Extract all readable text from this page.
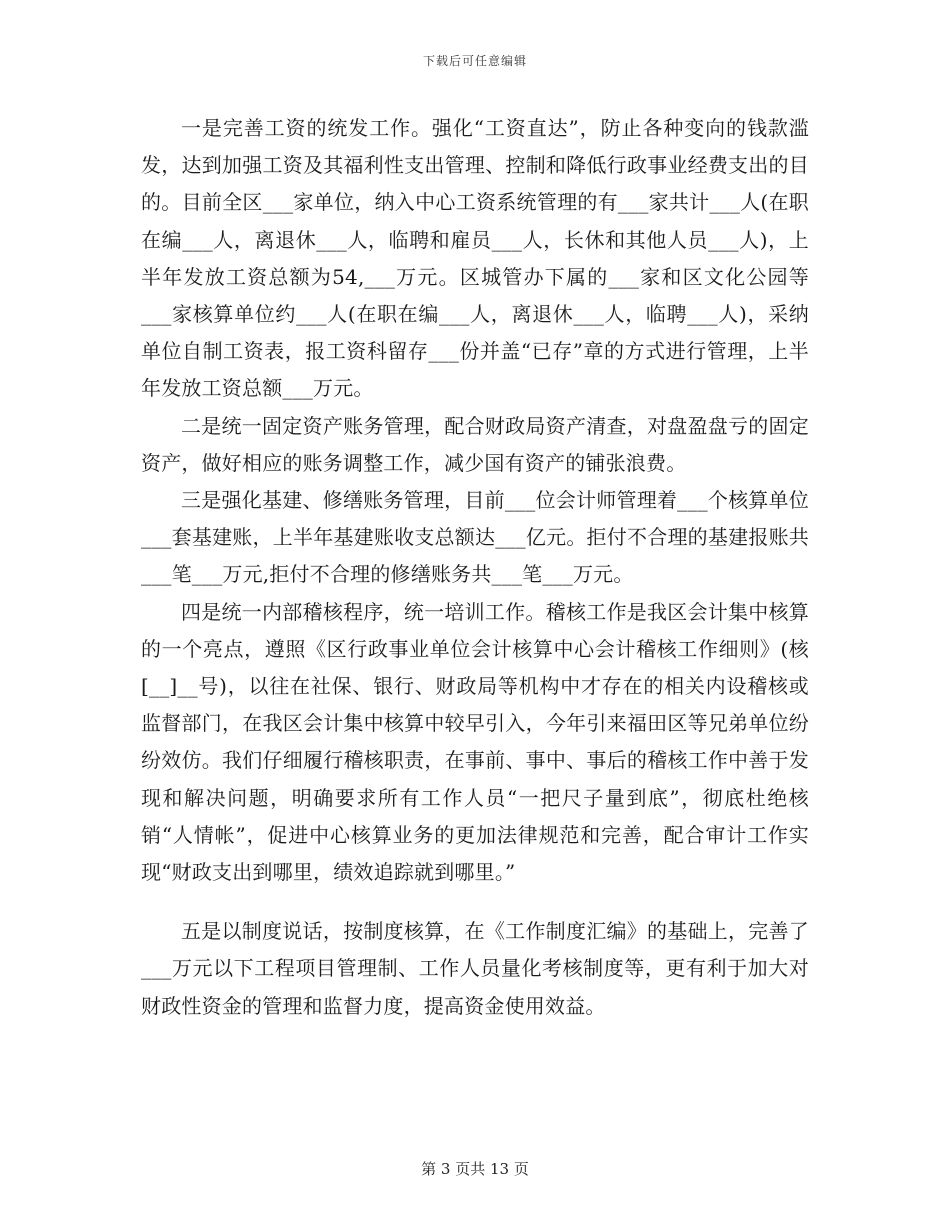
下载后可任意编辑

一是完善工资的统发工作。强化“工资直达”，防止各种变向的钱款滥发，达到加强工资及其福利性支出管理、控制和降低行政事业经费支出的目的。目前全区___家单位，纳入中心工资系统管理的有___家共计___人(在职在编___人，离退休___人，临聘和雇员___人，长休和其他人员___人)，上半年发放工资总额为54,___万元。区城管办下属的___家和区文化公园等___家核算单位约___人(在职在编___人，离退休___人，临聘___人)，采纳单位自制工资表，报工资科留存___份并盖“已存”章的方式进行管理，上半年发放工资总额___万元。

二是统一固定资产账务管理，配合财政局资产清查，对盘盈盘亏的固定资产，做好相应的账务调整工作，减少国有资产的铺张浪费。

三是强化基建、修缮账务管理，目前___位会计师管理着___个核算单位___套基建账，上半年基建账收支总额达___亿元。拒付不合理的基建报账共___笔___万元,拒付不合理的修缮账务共___笔___万元。

四是统一内部稽核程序，统一培训工作。稽核工作是我区会计集中核算的一个亮点，遵照《区行政事业单位会计核算中心会计稽核工作细则》(核[__]__号)，以往在社保、银行、财政局等机构中才存在的相关内设稽核或监督部门，在我区会计集中核算中较早引入，今年引来福田区等兄弟单位纷纷效仿。我们仔细履行稽核职责，在事前、事中、事后的稽核工作中善于发现和解决问题，明确要求所有工作人员“一把尺子量到底”，彻底杜绝核销“人情帐”，促进中心核算业务的更加法律规范和完善，配合审计工作实现“财政支出到哪里，绩效追踪就到哪里。”

五是以制度说话，按制度核算，在《工作制度汇编》的基础上，完善了___万元以下工程项目管理制、工作人员量化考核制度等，更有利于加大对财政性资金的管理和监督力度，提高资金使用效益。

第 3 页共 13 页
